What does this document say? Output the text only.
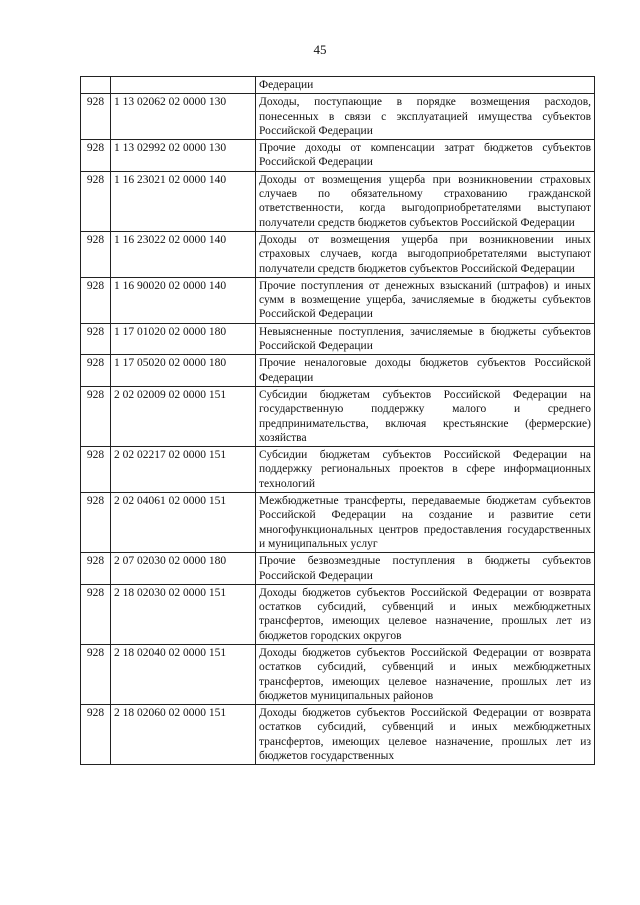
45
		Федерации
928	1 13 02062 02 0000 130	Доходы, поступающие в порядке возмещения расходов, понесенных в связи с эксплуатацией имущества субъектов Российской Федерации
928	1 13 02992 02 0000 130	Прочие доходы от компенсации затрат бюджетов субъектов Российской Федерации
928	1 16 23021 02 0000 140	Доходы от возмещения ущерба при возникновении страховых случаев по обязательному страхованию гражданской ответственности, когда выгодоприобретателями выступают получатели средств бюджетов субъектов Российской Федерации
928	1 16 23022 02 0000 140	Доходы от возмещения ущерба при возникновении иных страховых случаев, когда выгодоприобретателями выступают получатели средств бюджетов субъектов Российской Федерации
928	1 16 90020 02 0000 140	Прочие поступления от денежных взысканий (штрафов) и иных сумм в возмещение ущерба, зачисляемые в бюджеты субъектов Российской Федерации
928	1 17 01020 02 0000 180	Невыясненные поступления, зачисляемые в бюджеты субъектов Российской Федерации
928	1 17 05020 02 0000 180	Прочие неналоговые доходы бюджетов субъектов Российской Федерации
928	2 02 02009 02 0000 151	Субсидии бюджетам субъектов Российской Федерации на государственную поддержку малого и среднего предпринимательства, включая крестьянские (фермерские) хозяйства
928	2 02 02217 02 0000 151	Субсидии бюджетам субъектов Российской Федерации на поддержку региональных проектов в сфере информационных технологий
928	2 02 04061 02 0000 151	Межбюджетные трансферты, передаваемые бюджетам субъектов Российской Федерации на создание и развитие сети многофункциональных центров предоставления государственных и муниципальных услуг
928	2 07 02030 02 0000 180	Прочие безвозмездные поступления в бюджеты субъектов Российской Федерации
928	2 18 02030 02 0000 151	Доходы бюджетов субъектов Российской Федерации от возврата остатков субсидий, субвенций и иных межбюджетных трансфертов, имеющих целевое назначение, прошлых лет из бюджетов городских округов
928	2 18 02040 02 0000 151	Доходы бюджетов субъектов Российской Федерации от возврата остатков субсидий, субвенций и иных межбюджетных трансфертов, имеющих целевое назначение, прошлых лет из бюджетов муниципальных районов
928	2 18 02060 02 0000 151	Доходы бюджетов субъектов Российской Федерации от возврата остатков субсидий, субвенций и иных межбюджетных трансфертов, имеющих целевое назначение, прошлых лет из бюджетов государственных
